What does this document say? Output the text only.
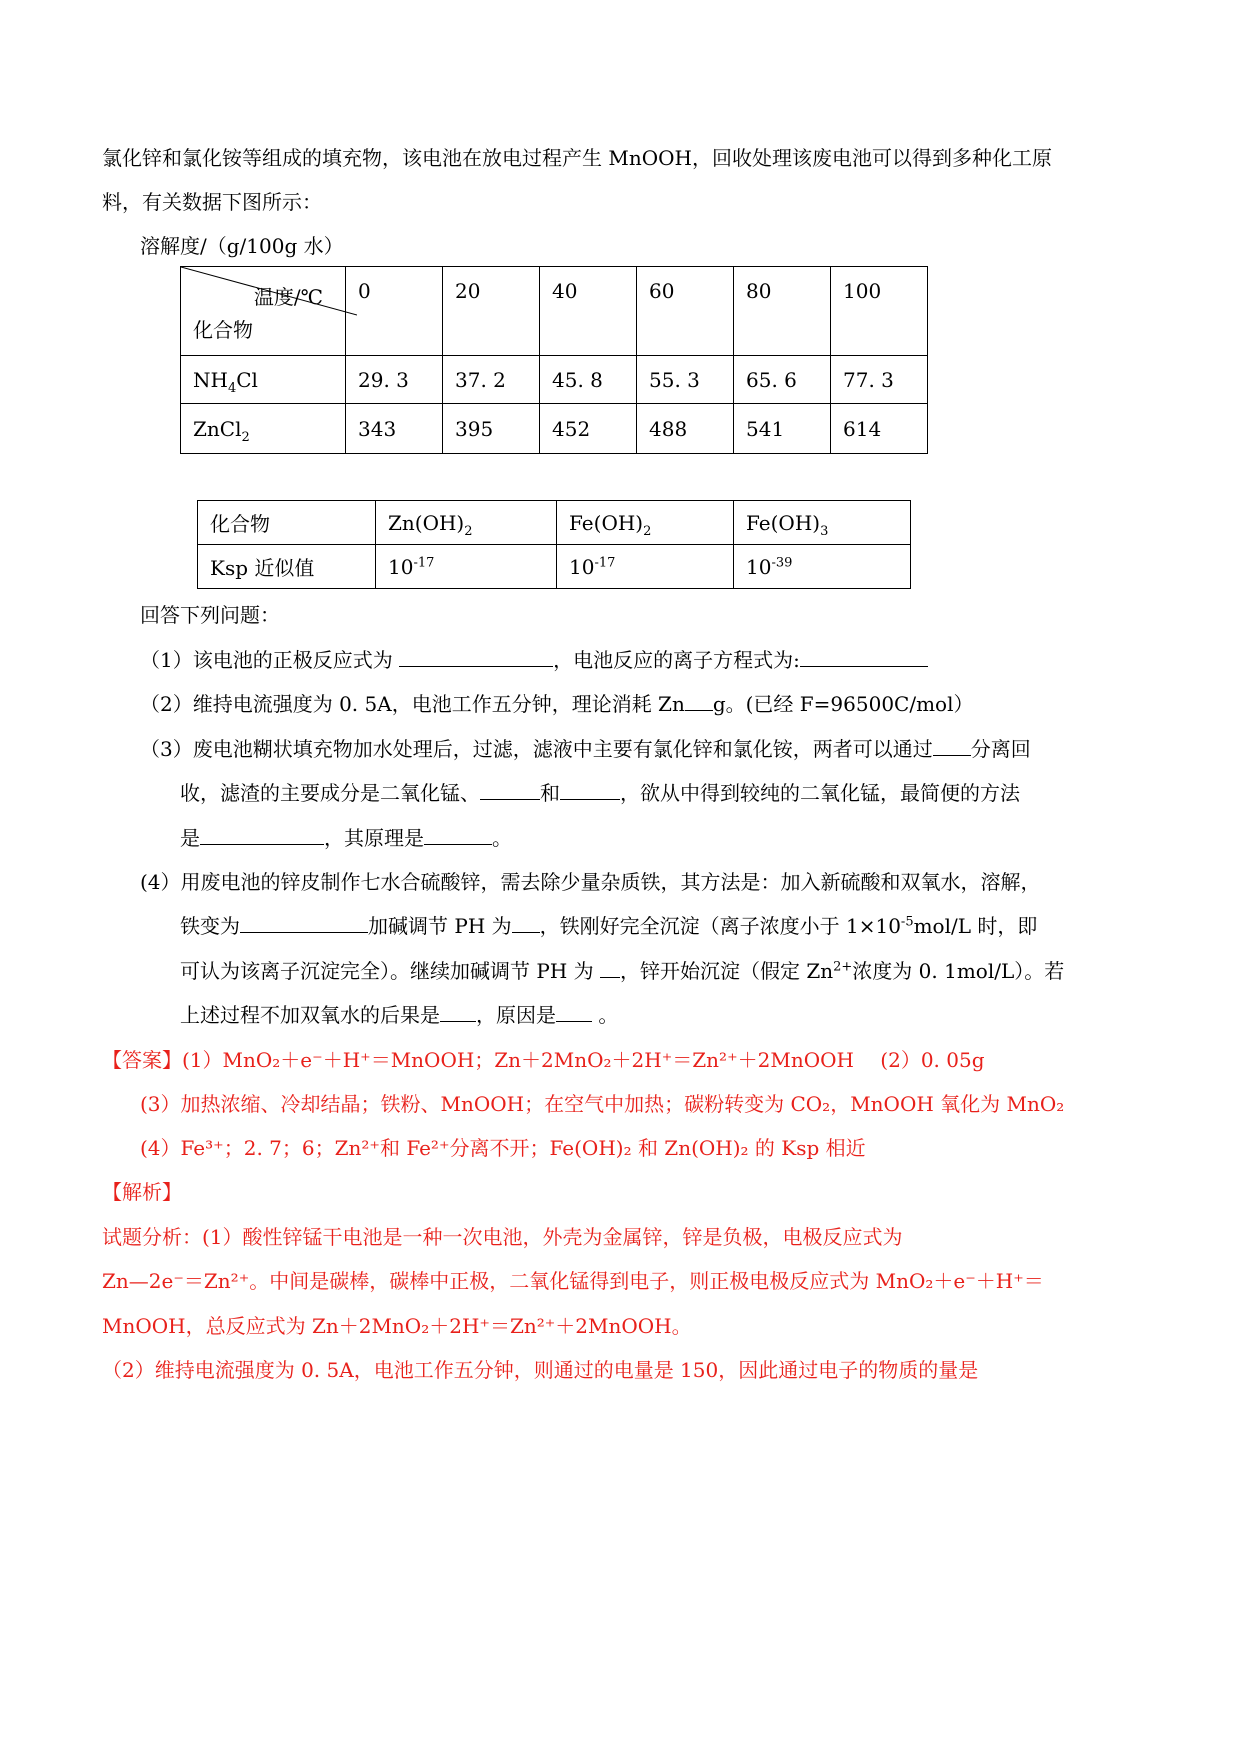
氯化锌和氯化铵等组成的填充物，该电池在放电过程产生 MnOOH，回收处理该废电池可以得到多种化工原
料，有关数据下图所示：
溶解度/（g/100g 水）
温度/℃
化合物	0	20	40	60	80	100
$NH_4Cl$	29. 3	37. 2	45. 8	55. 3	65. 6	77. 3
ZnCl$_2$	343	395	452	488	541	614
化合物	$Zn(OH)_2$	$Fe(OH)_2$	$Fe(OH)_3$
Ksp 近似值	$10^{-17}$	$10^{-17}$	$10^{-39}$
回答下列问题：
（1）该电池的正极反应式为	，电池反应的离子方程式为:
（2）维持电流强度为 0. 5A，电池工作五分钟，理论消耗 Zn g。(已经 F=96500C/mol）
（3）废电池糊状填充物加水处理后，过滤，滤液中主要有氯化锌和氯化铵，两者可以通过 分离回
收，滤渣的主要成分是二氧化锰、	和	，欲从中得到较纯的二氧化锰，最简便的方法
是	，其原理是	。
(4）用废电池的锌皮制作七水合硫酸锌，需去除少量杂质铁，其方法是：加入新硫酸和双氧水，溶解，
铁变为	加碱调节 PH 为 ，铁刚好完全沉淀（离子浓度小于 $1\times 10^{-5}mol/L$ 时，即
可认为该离子沉淀完全）。继续加碱调节 PH 为 ，锌开始沉淀（假定 $Zn^{2+}$浓度为 0. 1mol/L）。若
上述过程不加双氧水的后果是 ，原因是 。
【答案】(1）MnO₂＋e⁻＋H⁺＝MnOOH；Zn＋2MnO₂＋2H⁺＝Zn²⁺＋2MnOOH　 (2）0. 05g
(3）加热浓缩、冷却结晶；铁粉、MnOOH；在空气中加热；碳粉转变为 CO₂，MnOOH 氧化为 MnO₂
(4）Fe³⁺；2. 7；6；Zn²⁺和 Fe²⁺分离不开；Fe(OH)₂ 和 Zn(OH)₂ 的 Ksp 相近
【解析】
试题分析：(1）酸性锌锰干电池是一种一次电池，外壳为金属锌，锌是负极，电极反应式为
Zn—2e⁻＝Zn²⁺。中间是碳棒，碳棒中正极，二氧化锰得到电子，则正极电极反应式为 MnO₂＋e⁻＋H⁺＝
MnOOH，总反应式为 Zn＋2MnO₂＋2H⁺＝Zn²⁺＋2MnOOH。
（2）维持电流强度为 0. 5A，电池工作五分钟，则通过的电量是 150，因此通过电子的物质的量是
